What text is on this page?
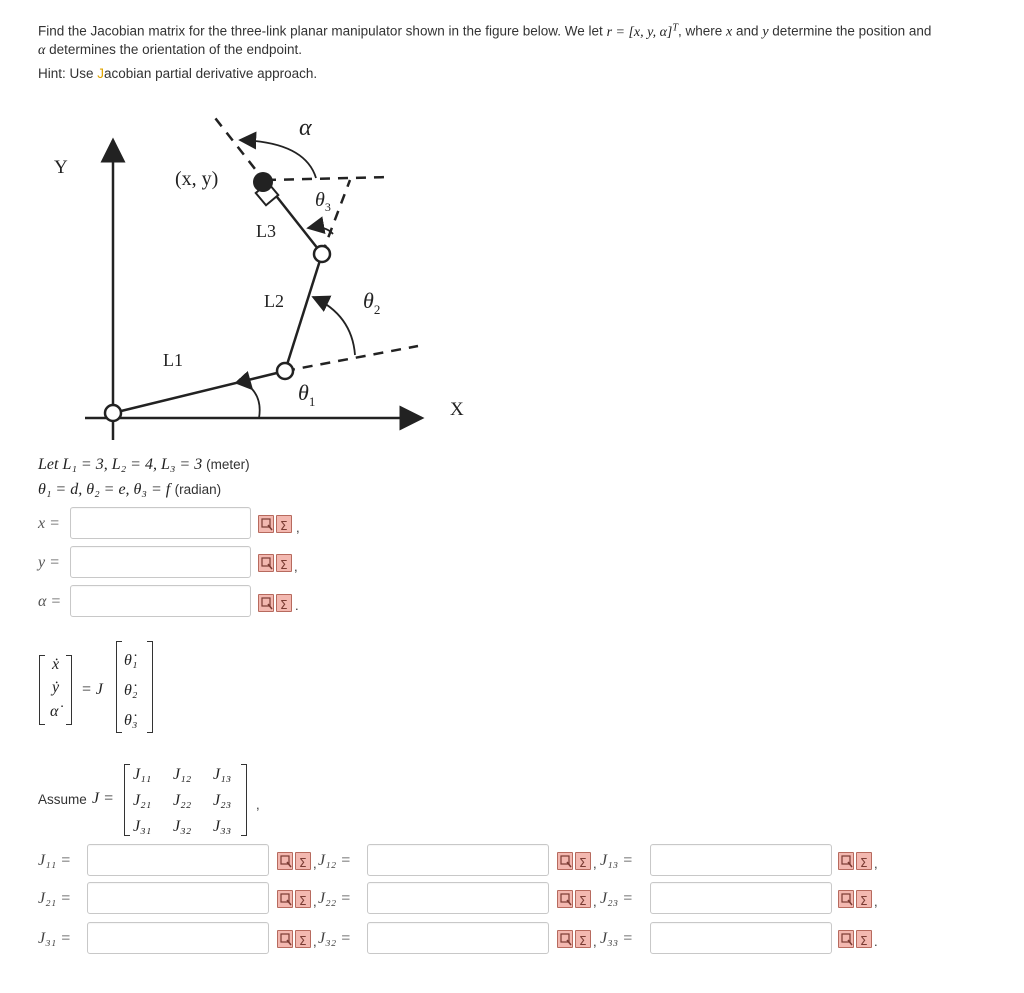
Find the Jacobian matrix for the three-link planar manipulator shown in the figure below. We let r = [x, y, α]$^T$, where x and y determine the position and
α determines the orientation of the endpoint.
Hint: Use Jacobian partial derivative approach.
Y
X
(x, y)
α
$\theta_3$
$\theta_2$
$\theta_1$
L1
L2
L3
Let L₁ = 3, L₂ = 4, L₃ = 3 (meter)
θ₁ = d, θ₂ = e, θ₃ = f (radian)
x =	Σ ,
y =	Σ ,
α =	Σ .
ẋ
ẏ
α̇
= J
θ̇₁
θ̇₂
θ̇₃
Assume J =
J₁₁ J₁₂ J₁₃
J₂₁ J₂₂ J₂₃
J₃₁ J₃₂ J₃₃
,
J₁₁ =	Σ , J₁₂ =	Σ , J₁₃ =	Σ ,
J₂₁ =	Σ , J₂₂ =	Σ , J₂₃ =	Σ ,
J₃₁ =	Σ , J₃₂ =	Σ , J₃₃ =	Σ .
